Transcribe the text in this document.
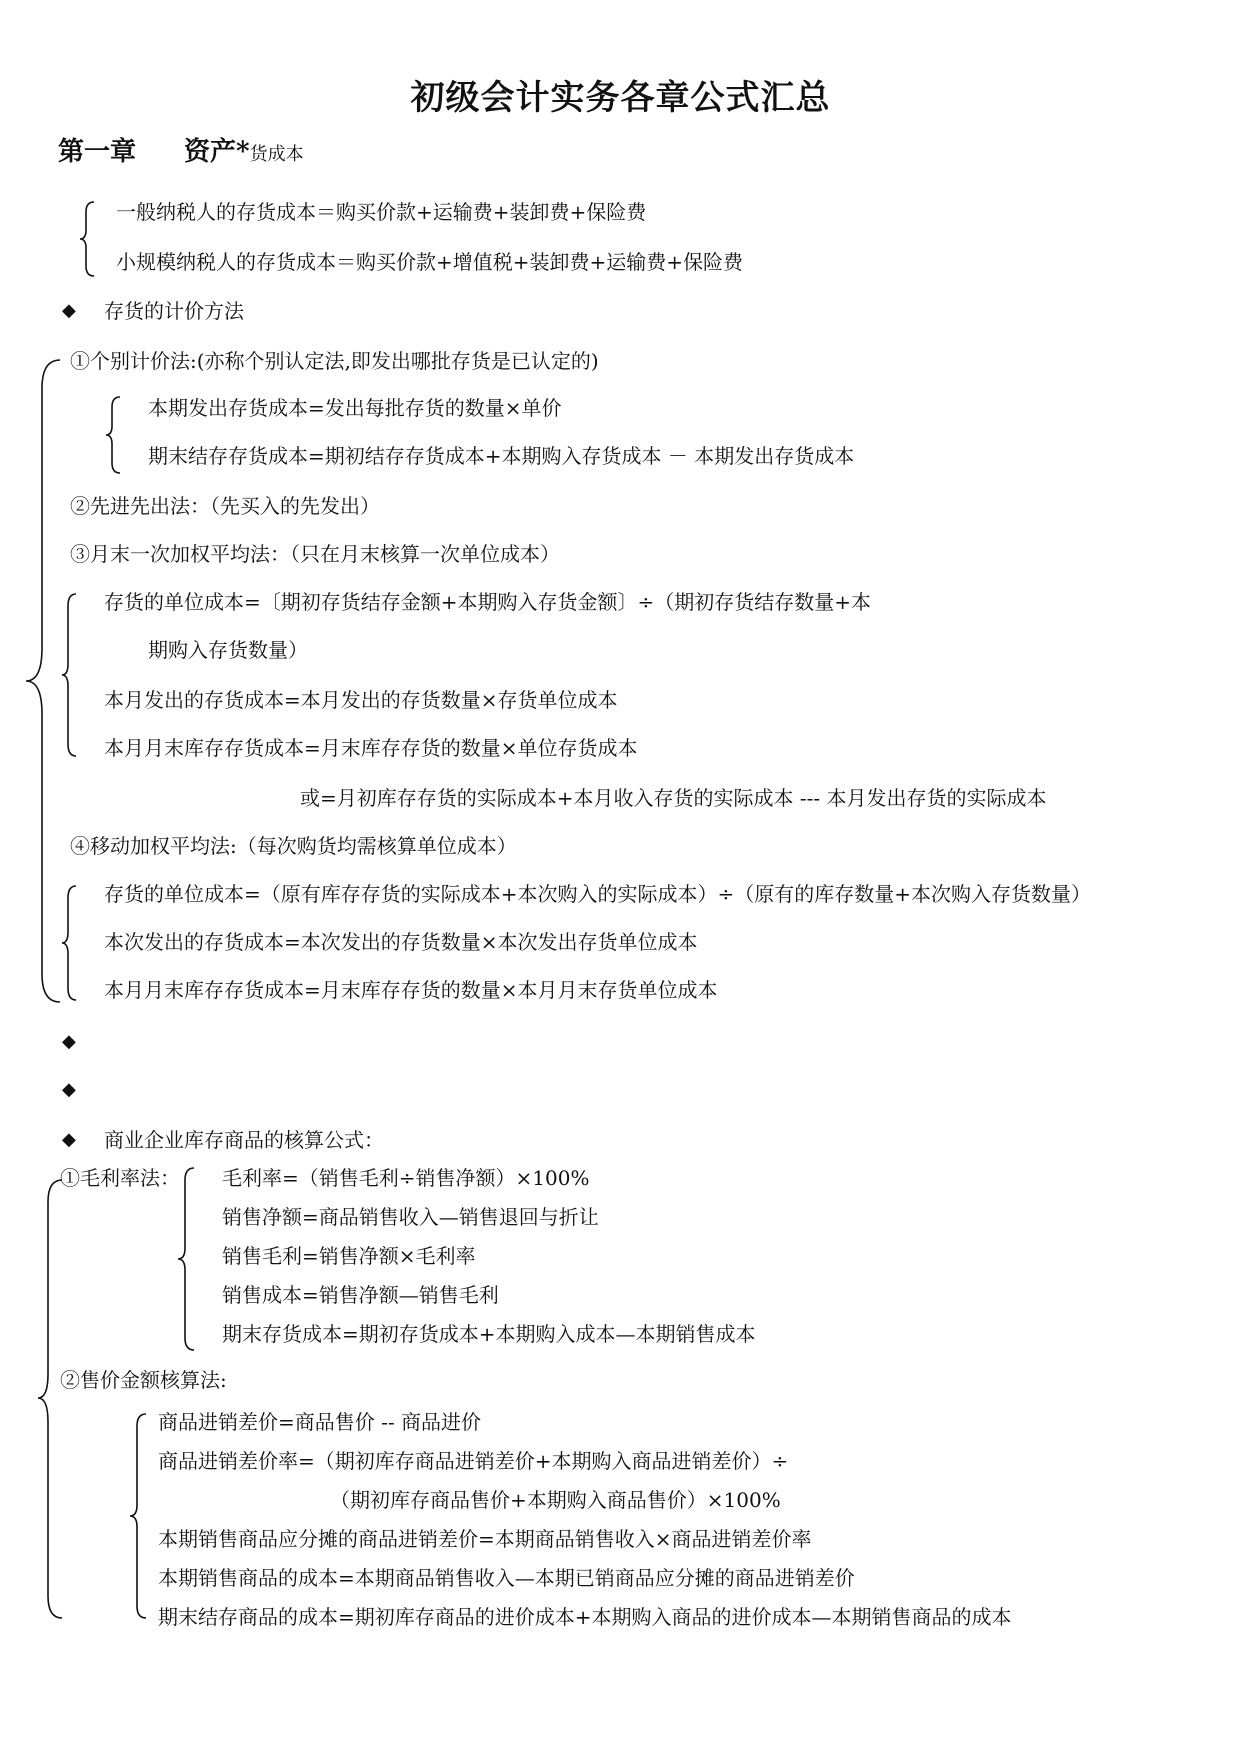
初级会计实务各章公式汇总
第一章 资产*货成本
一般纳税人的存货成本＝购买价款+运输费+装卸费+保险费
小规模纳税人的存货成本＝购买价款+增值税+装卸费+运输费+保险费
◆ 存货的计价方法
①个别计价法:(亦称个别认定法,即发出哪批存货是已认定的)
本期发出存货成本=发出每批存货的数量×单价
期末结存存货成本=期初结存存货成本+本期购入存货成本 － 本期发出存货成本
②先进先出法：（先买入的先发出）
③月末一次加权平均法：（只在月末核算一次单位成本）
存货的单位成本=〔期初存货结存金额+本期购入存货金额〕÷（期初存货结存数量+本
期购入存货数量）
本月发出的存货成本=本月发出的存货数量×存货单位成本
本月月末库存存货成本=月末库存存货的数量×单位存货成本
或=月初库存存货的实际成本+本月收入存货的实际成本 --- 本月发出存货的实际成本
④移动加权平均法:（每次购货均需核算单位成本）
存货的单位成本=（原有库存存货的实际成本+本次购入的实际成本）÷（原有的库存数量+本次购入存货数量）
本次发出的存货成本=本次发出的存货数量×本次发出存货单位成本
本月月末库存存货成本=月末库存存货的数量×本月月末存货单位成本
◆
◆
◆ 商业企业库存商品的核算公式：
①毛利率法： 毛利率=（销售毛利÷销售净额）×100%
销售净额=商品销售收入—销售退回与折让
销售毛利=销售净额×毛利率
销售成本=销售净额—销售毛利
期末存货成本=期初存货成本+本期购入成本—本期销售成本
②售价金额核算法:
商品进销差价=商品售价 -- 商品进价
商品进销差价率=（期初库存商品进销差价+本期购入商品进销差价）÷
（期初库存商品售价+本期购入商品售价）×100%
本期销售商品应分摊的商品进销差价=本期商品销售收入×商品进销差价率
本期销售商品的成本=本期商品销售收入—本期已销商品应分摊的商品进销差价
期末结存商品的成本=期初库存商品的进价成本+本期购入商品的进价成本—本期销售商品的成本
